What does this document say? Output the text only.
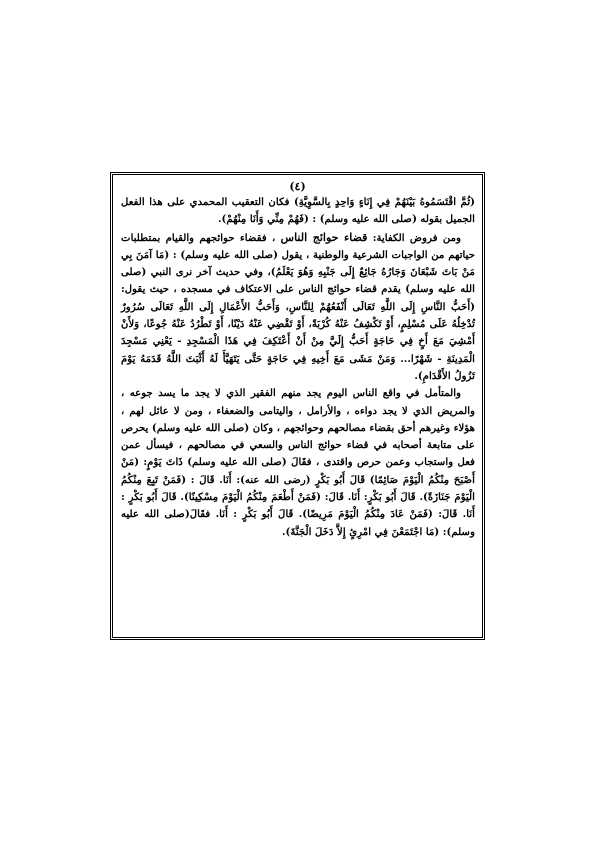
(٤)

(ثُمَّ اقْتَسَمُوهُ بَيْنَهُمْ فِي إِنَاءٍ وَاحِدٍ بِالسَّوِيَّةِ) فكان التعقيب المحمدي على هذا الفعل الجميل بقوله (صلى الله عليه وسلم) : (فَهُمْ مِنِّي وَأَنَا مِنْهُمْ).

ومن فروض الكفاية: قضاء حوائج الناس ، فقضاء حوائجهم والقيام بمتطلبات حياتهم من الواجبات الشرعية والوطنية ، يقول (صلى الله عليه وسلم) : (مَا آمَنَ بِي مَنْ بَاتَ شَبْعَانَ وَجَارُهُ جَائِعٌ إِلَى جَنْبِهِ وَهُوَ يَعْلَمُ)، وفي حديث آخر نرى النبي (صلى الله عليه وسلم) يقدم قضاء حوائج الناس على الاعتكاف في مسجده ، حيث يقول: (أَحَبُّ النَّاسِ إِلَى اللَّهِ تَعَالَى أَنْفَعُهُمْ لِلنَّاسِ، وَأَحَبُّ الأَعْمَالِ إِلَى اللَّهِ تَعَالَى سُرُورٌ تُدْخِلُهُ عَلَى مُسْلِمٍ، أَوْ تَكْشِفُ عَنْهُ كُرْبَةً، أَوْ تَقْضِي عَنْهُ دَيْنًا، أَوْ تَطْرُدُ عَنْهُ جُوعًا، وَلأَنْ أَمْشِيَ مَعَ أَخٍ فِي حَاجَةٍ أَحَبُّ إِلَيَّ مِنْ أَنْ أَعْتَكِفَ فِي هَذَا الْمَسْجِدِ - يَعْنِي مَسْجِدَ الْمَدِينَةِ - شَهْرًا... وَمَنْ مَشَى مَعَ أَخِيهِ فِي حَاجَةٍ حَتَّى يَتَهَيَّأَ لَهُ أَثْبَتَ اللَّهُ قَدَمَهُ يَوْمَ تَزُولُ الأَقْدَامِ).

والمتأمل في واقع الناس اليوم يجد منهم الفقير الذي لا يجد ما يسد جوعه ، والمريض الذي لا يجد دواءه ، والأرامل ، واليتامى والضعفاء ، ومن لا عائل لهم ، هؤلاء وغيرهم أحق بقضاء مصالحهم وحوائجهم ، وكان (صلى الله عليه وسلم) يحرص على متابعة أصحابه في قضاء حوائج الناس والسعي في مصالحهم ، فيسأل عمن فعل واستجاب وعمن حرص واقتدى ، فقَالَ (صلى الله عليه وسلم) ذَاتَ يَوْمٍ: (مَنْ أَصْبَحَ مِنْكُمُ الْيَوْمَ صَائِمًا) قَالَ أَبُو بَكْرٍ (رضى الله عنه): أَنَا. قَالَ : (فَمَنْ تَبِعَ مِنْكُمُ الْيَوْمَ جَنَازَةً). قَالَ أَبُو بَكْرٍ: أَنَا. قَالَ: (فَمَنْ أَطْعَمَ مِنْكُمُ الْيَوْمَ مِسْكِينًا). قَالَ أَبُو بَكْرٍ : أَنَا. قَالَ: (فَمَنْ عَادَ مِنْكُمُ الْيَوْمَ مَرِيضًا). قَالَ أَبُو بَكْرٍ : أَنَا. فقَالَ(صلى الله عليه وسلم): (مَا اجْتَمَعْنَ فِي امْرِئٍ إِلاَّ دَخَلَ الْجَنَّةَ).
